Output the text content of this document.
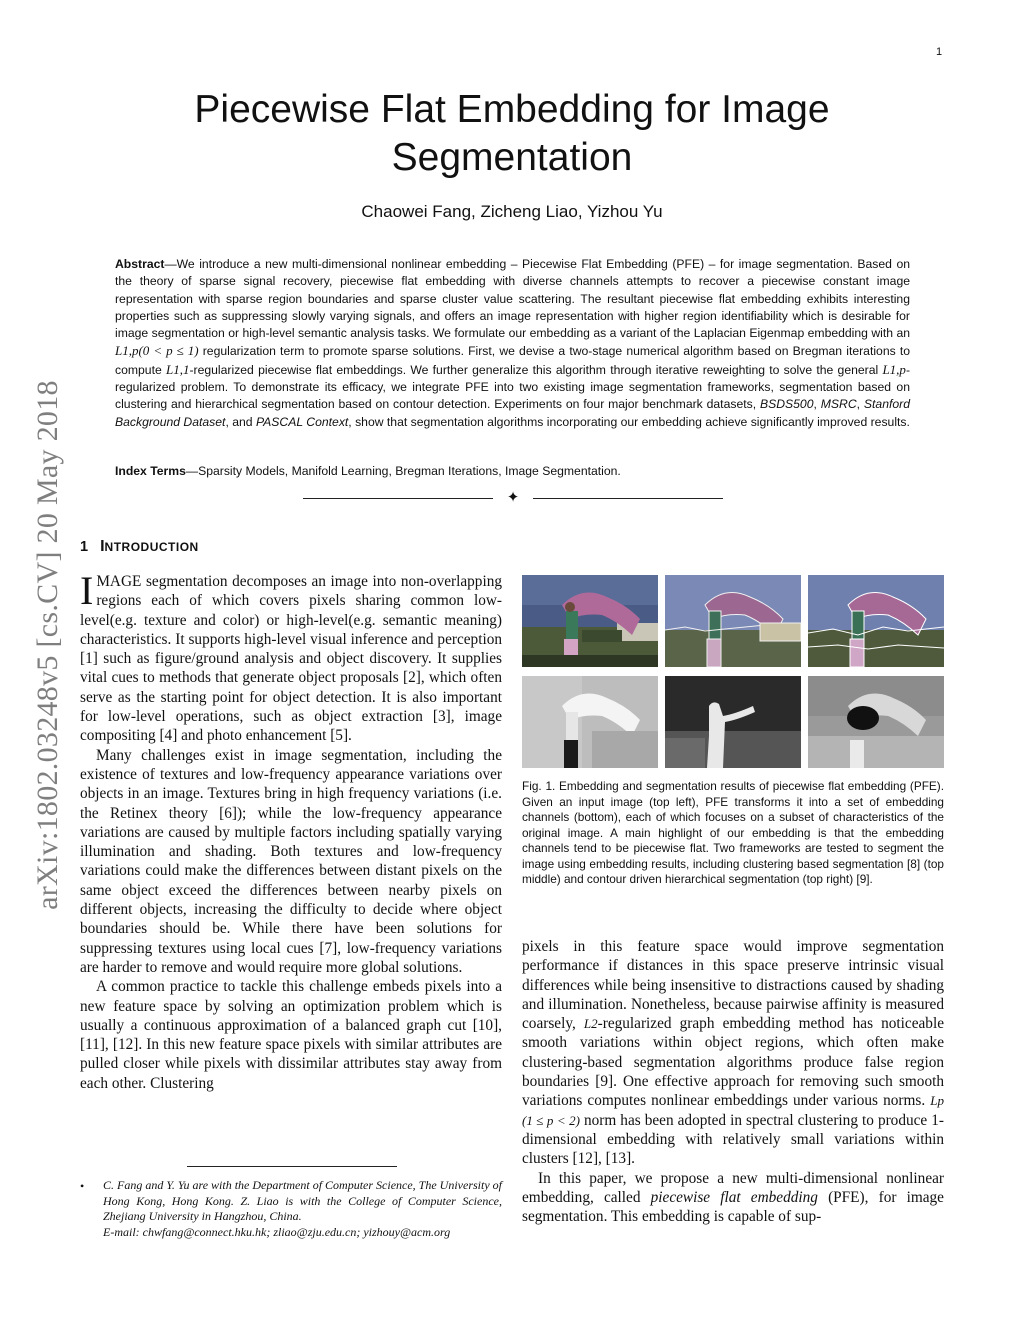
1
arXiv:1802.03248v5 [cs.CV] 20 May 2018
Piecewise Flat Embedding for Image Segmentation
Chaowei Fang, Zicheng Liao, Yizhou Yu

Abstract—We introduce a new multi-dimensional nonlinear embedding – Piecewise Flat Embedding (PFE) – for image segmentation. Based on the theory of sparse signal recovery, piecewise flat embedding with diverse channels attempts to recover a piecewise constant image representation with sparse region boundaries and sparse cluster value scattering. The resultant piecewise flat embedding exhibits interesting properties such as suppressing slowly varying signals, and offers an image representation with higher region identifiability which is desirable for image segmentation or high-level semantic analysis tasks. We formulate our embedding as a variant of the Laplacian Eigenmap embedding with an L1,p(0 < p ≤ 1) regularization term to promote sparse solutions. First, we devise a two-stage numerical algorithm based on Bregman iterations to compute L1,1-regularized piecewise flat embeddings. We further generalize this algorithm through iterative reweighting to solve the general L1,p-regularized problem. To demonstrate its efficacy, we integrate PFE into two existing image segmentation frameworks, segmentation based on clustering and hierarchical segmentation based on contour detection. Experiments on four major benchmark datasets, BSDS500, MSRC, Stanford Background Dataset, and PASCAL Context, show that segmentation algorithms incorporating our embedding achieve significantly improved results.

Index Terms—Sparsity Models, Manifold Learning, Bregman Iterations, Image Segmentation.

✦
1 INTRODUCTION

IMAGE segmentation decomposes an image into non-overlapping regions each of which covers pixels sharing common low-level(e.g. texture and color) or high-level(e.g. semantic meaning) characteristics. It supports high-level visual inference and perception [1] such as figure/ground analysis and object discovery. It supplies vital cues to methods that generate object proposals [2], which often serve as the starting point for object detection. It is also important for low-level operations, such as object extraction [3], image compositing [4] and photo enhancement [5].

Many challenges exist in image segmentation, including the existence of textures and low-frequency appearance variations over objects in an image. Textures bring in high frequency variations (i.e. the Retinex theory [6]); while the low-frequency appearance variations are caused by multiple factors including spatially varying illumination and shading. Both textures and low-frequency variations could make the differences between distant pixels on the same object exceed the differences between nearby pixels on different objects, increasing the difficulty to decide where object boundaries should be. While there have been solutions for suppressing textures using local cues [7], low-frequency variations are harder to remove and would require more global solutions.

A common practice to tackle this challenge embeds pixels into a new feature space by solving an optimization problem which is usually a continuous approximation of a balanced graph cut [10], [11], [12]. In this new feature space pixels with similar attributes are pulled closer while pixels with dissimilar attributes stay away from each other. Clustering

• C. Fang and Y. Yu are with the Department of Computer Science, The University of Hong Kong, Hong Kong. Z. Liao is with the College of Computer Science, Zhejiang University in Hangzhou, China.
E-mail: chwfang@connect.hku.hk; zliao@zju.edu.cn; yizhouy@acm.org

Fig. 1. Embedding and segmentation results of piecewise flat embedding (PFE). Given an input image (top left), PFE transforms it into a set of embedding channels (bottom), each of which focuses on a subset of characteristics of the original image. A main highlight of our embedding is that the embedding channels tend to be piecewise flat. Two frameworks are tested to segment the image using embedding results, including clustering based segmentation [8] (top middle) and contour driven hierarchical segmentation (top right) [9].

pixels in this feature space would improve segmentation performance if distances in this space preserve intrinsic visual differences while being insensitive to distractions caused by shading and illumination. Nonetheless, because pairwise affinity is measured coarsely, L2-regularized graph embedding method has noticeable smooth variations within object regions, which often make clustering-based segmentation algorithms produce false region boundaries [9]. One effective approach for removing such smooth variations computes nonlinear embeddings under various norms. Lp (1 ≤ p < 2) norm has been adopted in spectral clustering to produce 1-dimensional embedding with relatively small variations within clusters [12], [13].

In this paper, we propose a new multi-dimensional nonlinear embedding, called piecewise flat embedding (PFE), for image segmentation. This embedding is capable of sup-
